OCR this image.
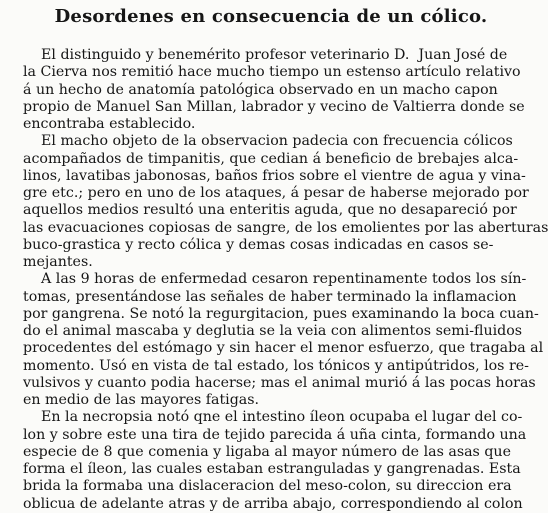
Desordenes en consecuencia de un cólico.
El distinguido y benemérito profesor veterinario D.  Juan José de
la Cierva nos remitió hace mucho tiempo un estenso artículo relativo
á un hecho de anatomía patológica observado en un macho capon
propio de Manuel San Millan, labrador y vecino de Valtierra donde se
encontraba establecido.
El macho objeto de la observacion padecia con frecuencia cólicos
acompañados de timpanitis, que cedian á beneficio de brebajes alca-
linos, lavatibas jabonosas, baños frios sobre el vientre de agua y vina-
gre etc.; pero en uno de los ataques, á pesar de haberse mejorado por
aquellos medios resultó una enteritis aguda, que no desapareció por
las evacuaciones copiosas de sangre, de los emolientes por las aberturas
buco-grastica y recto cólica y demas cosas indicadas en casos se-
mejantes.
A las 9 horas de enfermedad cesaron repentinamente todos los sín-
tomas, presentándose las señales de haber terminado la inflamacion
por gangrena. Se notó la regurgitacion, pues examinando la boca cuan-
do el animal mascaba y deglutia se la veia con alimentos semi-fluidos
procedentes del estómago y sin hacer el menor esfuerzo, que tragaba al
momento. Usó en vista de tal estado, los tónicos y antipútridos, los re-
vulsivos y cuanto podia hacerse; mas el animal murió á las pocas horas
en medio de las mayores fatigas.
En la necropsia notó qne el intestino íleon ocupaba el lugar del co-
lon y sobre este una tira de tejido parecida á uña cinta, formando una
especie de 8 que comenia y ligaba al mayor número de las asas que
forma el íleon, las cuales estaban estranguladas y gangrenadas. Esta
brida la formaba una dislaceracion del meso-colon, su direccion era
oblicua de adelante atras y de arriba abajo, correspondiendo al colon
